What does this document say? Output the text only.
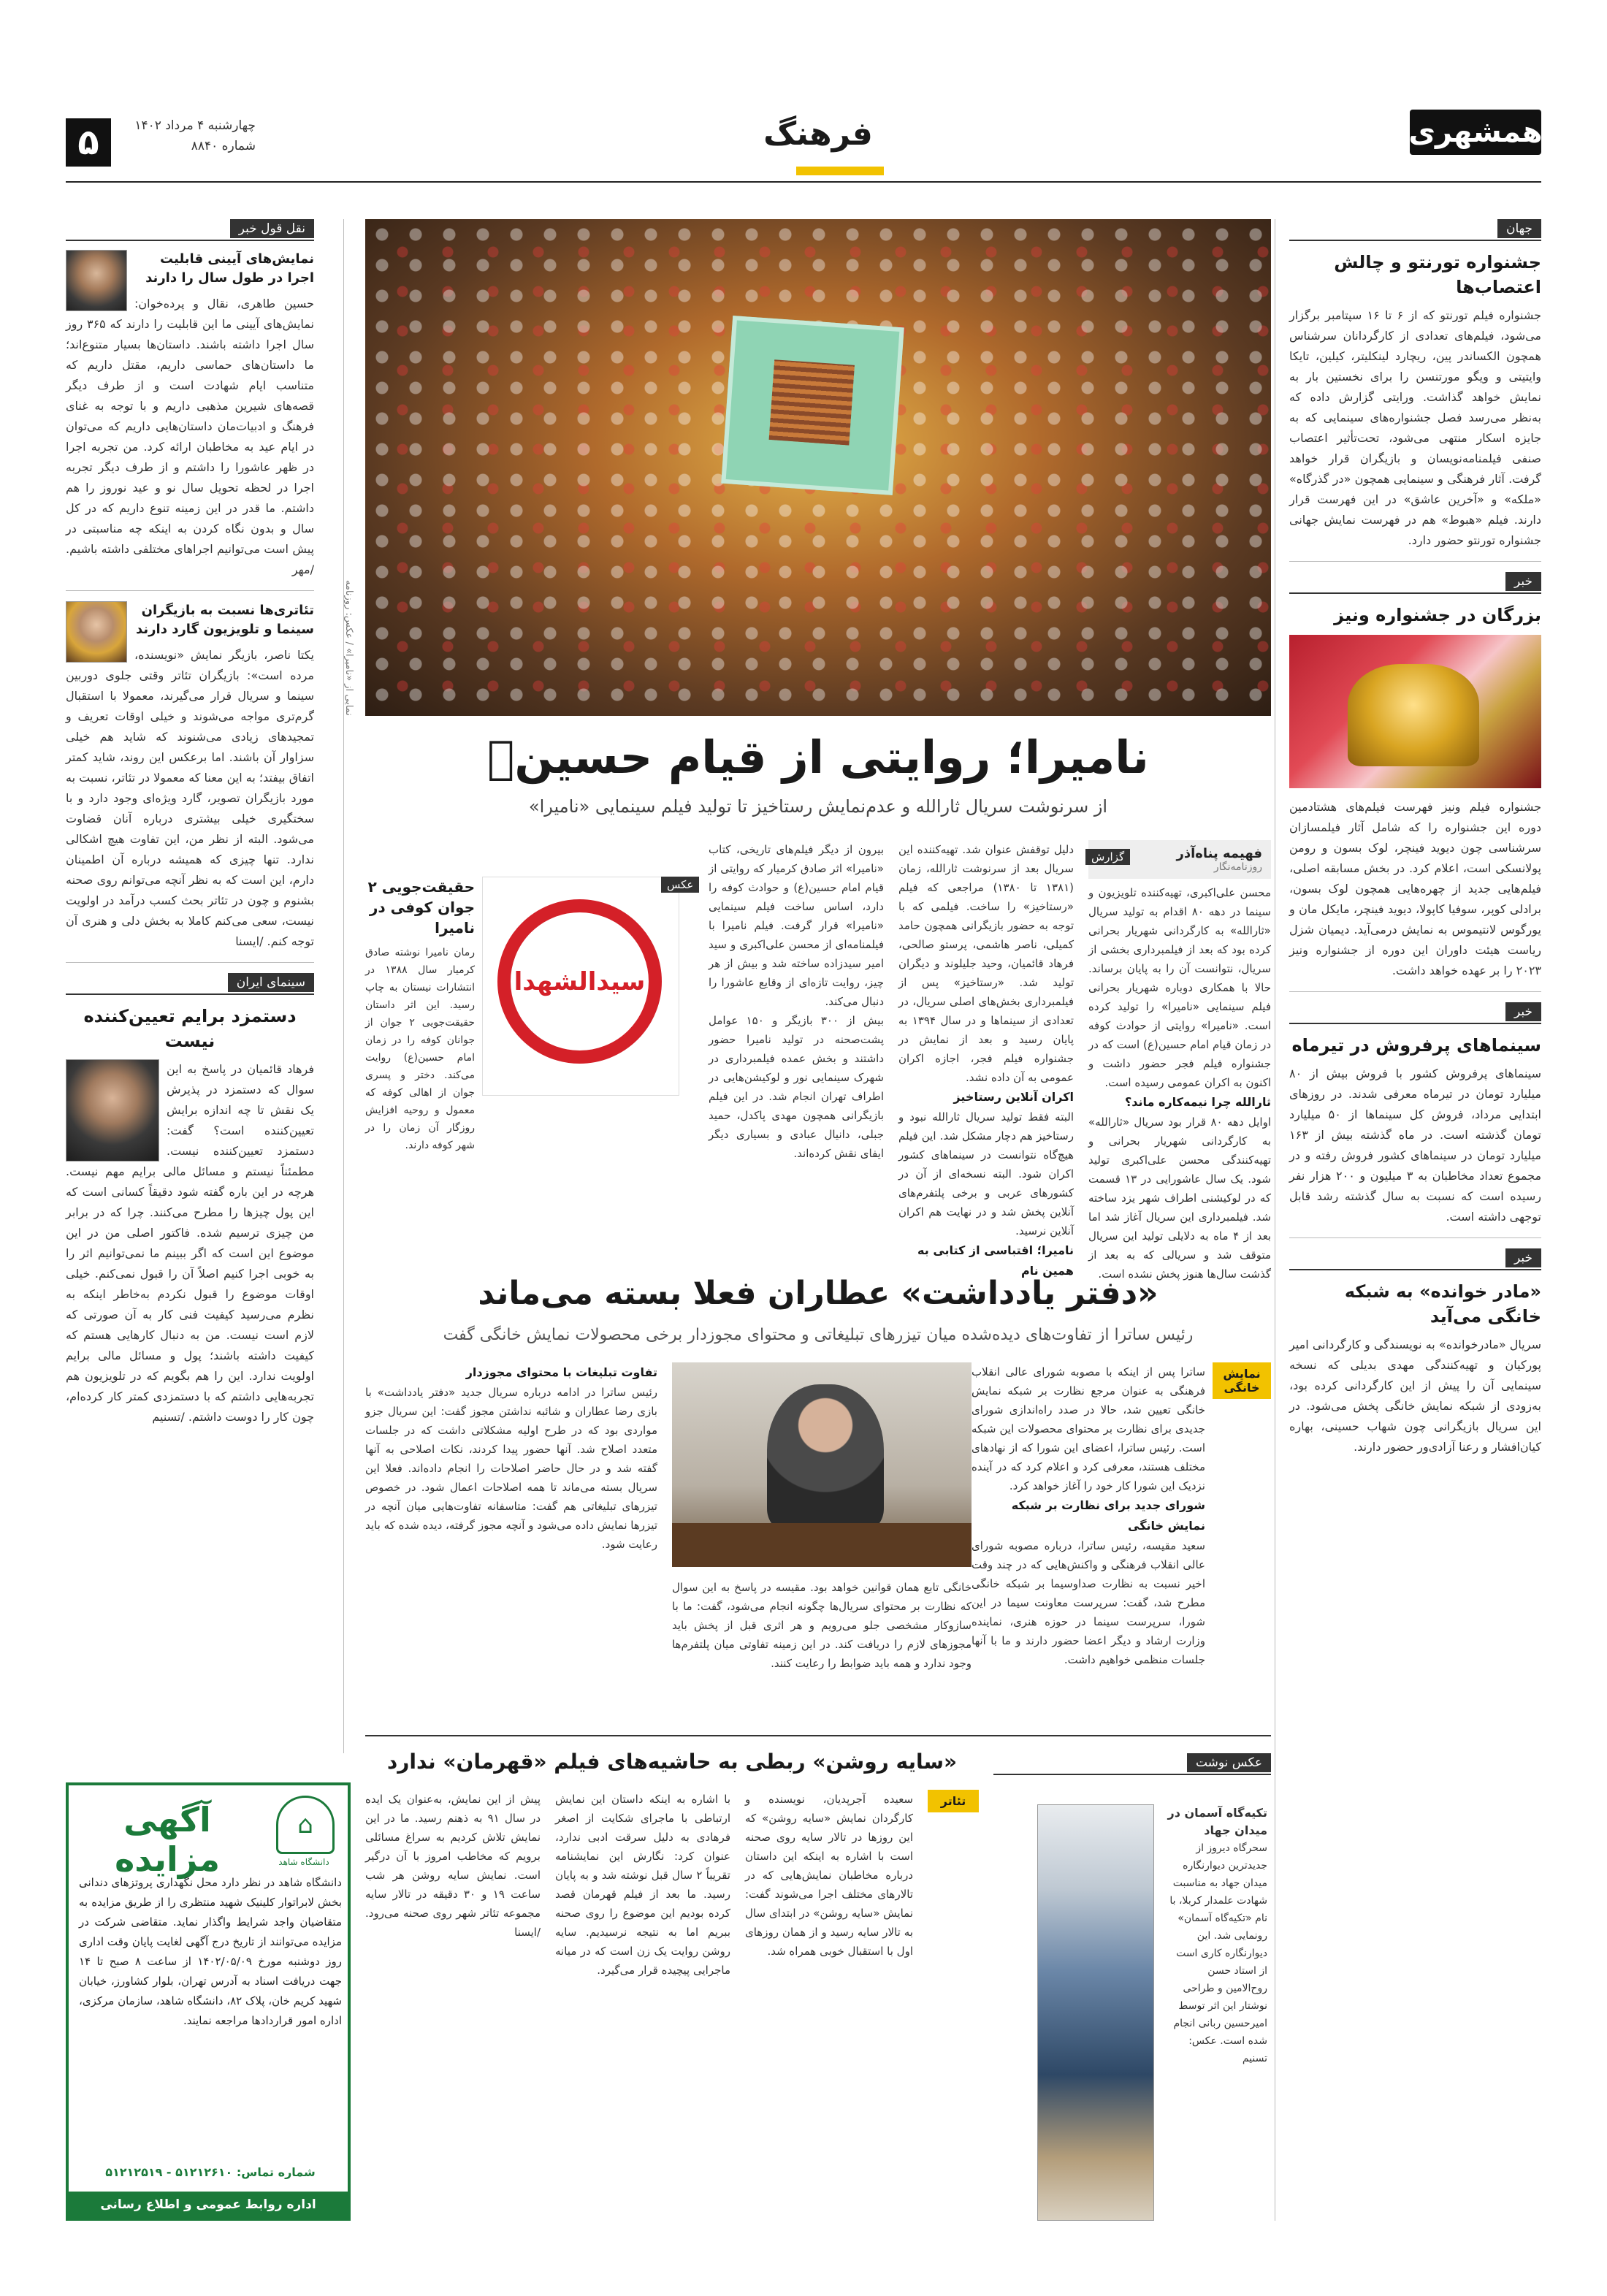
۵	چهارشنبه ۴ مرداد ۱۴۰۲
شماره ۸۸۴۰	فرهنگ	همشهری
جهان
جشنواره تورنتو و چالش اعتصاب‌ها
جشنواره فیلم تورنتو که از ۶ تا ۱۶ سپتامبر برگزار می‌شود، فیلم‌های تعدادی از کارگردانان سرشناس همچون الکساندر پین، ریچارد لینکلیتر، کیلین، تایکا وایتیتی و ویگو مورتنسن را برای نخستین بار به نمایش خواهد گذاشت. ورایتی گزارش داده که به‌نظر می‌رسد فصل جشنواره‌های سینمایی که به جایزه اسکار منتهی می‌شود، تحت‌تأثیر اعتصاب صنفی فیلمنامه‌نویسان و بازیگران قرار خواهد گرفت. آثار فرهنگی و سینمایی همچون «در گذرگاه» «ملکه» و «آخرین عاشق» در این فهرست قرار دارند. فیلم «هبوط» هم در فهرست نمایش جهانی جشنواره تورنتو حضور دارد.
خبر
بزرگان در جشنواره ونیز
جشنواره فیلم ونیز فهرست فیلم‌های هشتادمین دوره این جشنواره را که شامل آثار فیلمسازان سرشناسی چون دیوید فینچر، لوک بسون و رومن پولانسکی است، اعلام کرد. در بخش مسابقه اصلی، فیلم‌هایی جدید از چهره‌هایی همچون لوک بسون، برادلی کوپر، سوفیا کاپولا، دیوید فینچر، مایکل مان و یورگوس لانتیموس به نمایش درمی‌آید. دیمیان شزل ریاست هیئت داوران این دوره از جشنواره ونیز ۲۰۲۳ را بر عهده خواهد داشت.
خبر
سینماهای پرفروش در تیرماه
سینماهای پرفروش کشور با فروش بیش از ۸۰ میلیارد تومان در تیرماه معرفی شدند. در روزهای ابتدایی مرداد، فروش کل سینماها از ۵۰ میلیارد تومان گذشته است. در ماه گذشته بیش از ۱۶۳ میلیارد تومان در سینماهای کشور فروش رفته و در مجموع تعداد مخاطبان به ۳ میلیون و ۲۰۰ هزار نفر رسیده است که نسبت به سال گذشته رشد قابل توجهی داشته است.
خبر
«مادر خوانده» به شبکه خانگی می‌آید
سریال «مادرخوانده» به نویسندگی و کارگردانی امیر پورکیان و تهیه‌کنندگی مهدی بدیلی که نسخه سینمایی آن را پیش از این کارگردانی کرده بود، به‌زودی از شبکه نمایش خانگی پخش می‌شود. در این سریال بازیگرانی چون شهاب حسینی، بهاره کیان‌افشار و رعنا آزادی‌ور حضور دارند.
نقل قول خبر
نمایش‌های آیینی قابلیت اجرا در طول سال را دارند
حسین طاهری، نقال و پرده‌خوان: نمایش‌های آیینی ما این قابلیت را دارند که ۳۶۵ روز سال اجرا داشته باشند. داستان‌ها بسیار متنوع‌اند؛ ما داستان‌های حماسی داریم، مقتل داریم که متناسب ایام شهادت است و از طرف دیگر قصه‌های شیرین مذهبی داریم و با توجه به غنای فرهنگ و ادبیات‌مان داستان‌هایی داریم که می‌توان در ایام عید به مخاطبان ارائه کرد. من تجربه اجرا در ظهر عاشورا را داشتم و از طرف دیگر تجربه اجرا در لحظه تحویل سال نو و عید نوروز را هم داشتم. ما قدر در این زمینه تنوع داریم که در کل سال و بدون نگاه کردن به اینکه چه مناسبتی در پیش است می‌توانیم اجراهای مختلفی داشته باشیم. /مهر
تئاتری‌ها نسبت به بازیگران سینما و تلویزیون گارد دارند
یکتا ناصر، بازیگر نمایش «نویسنده، مرده است»: بازیگران تئاتر وقتی جلوی دوربین سینما و سریال قرار می‌گیرند، معمولا با استقبال گرم‌تری مواجه می‌شوند و خیلی اوقات تعریف و تمجیدهای زیادی می‌شنوند که شاید هم خیلی سزاوار آن باشند. اما برعکس این روند، شاید کمتر اتفاق بیفتد؛ به این معنا که معمولا در تئاتر، نسبت به مورد بازیگران تصویر، گارد ویژه‌ای وجود دارد و با سختگیری خیلی بیشتری درباره آنان قضاوت می‌شود. البته از نظر من، این تفاوت هیچ اشکالی ندارد. تنها چیزی که همیشه درباره آن اطمینان دارم، این است که به نظر آنچه می‌توانم روی صحنه بشنوم و چون در تئاتر بحث کسب درآمد در اولویت نیست، سعی می‌کنم کاملا به بخش دلی و هنری آن توجه کنم. /ایسنا
سینمای ایران
دستمزد برایم تعیین‌کننده نیست
فرهاد قائمیان در پاسخ به این سوال که دستمزد در پذیرش یک نقش تا چه اندازه برایش تعیین‌کننده است؟ گفت: دستمزد تعیین‌کننده نیست. مطمئناً نیستم و مسائل مالی برایم مهم نیست. هرچه در این باره گفته شود دقیقاً کسانی است که این پول چیزها را مطرح می‌کنند. چرا که در برابر من چیزی ترسیم شده. فاکتور اصلی من در این موضوع این است که اگر ببینم ما نمی‌توانیم اثر را به خوبی اجرا کنیم اصلاً آن را قبول نمی‌کنم. خیلی اوقات موضوع را قبول نکردم به‌خاطر اینکه به نظرم می‌رسید کیفیت فنی کار به آن صورتی که لازم است نیست. من به دنبال کارهایی هستم که کیفیت داشته باشند؛ پول و مسائل مالی برایم اولویت ندارد. این را هم بگویم که در تلویزیون هم تجربه‌هایی داشتم که با دستمزدی کمتر کار کرده‌ام، چون کار را دوست داشتم. /تسنیم
نمایی از «نامیرا» / عکس: روزنامه
نامیرا؛ روایتی از قیام حسینؑ
از سرنوشت سریال ثارالله و عدم‌نمایش رستاخیز تا تولید فیلم سینمایی «نامیرا»
گزارش	فهیمه پناه‌آذر
روزنامه‌نگار
محسن علی‌اکبری، تهیه‌کننده تلویزیون و سینما در دهه ۸۰ اقدام به تولید سریال «ثارالله» به کارگردانی شهریار بحرانی کرده بود که بعد از فیلمبرداری بخشی از سریال، نتوانست آن را به پایان برساند. حالا با همکاری دوباره شهریار بحرانی فیلم سینمایی «نامیرا» را تولید کرده است. «نامیرا» روایتی از حوادث کوفه در زمان قیام امام حسین(ع) است که در جشنواره فیلم فجر حضور داشت و اکنون به اکران عمومی رسیده است.
ثارالله چرا نیمه‌کاره ماند؟
اوایل دهه ۸۰ قرار بود سریال «ثارالله» به کارگردانی شهریار بحرانی و تهیه‌کنندگی محسن علی‌اکبری تولید شود. یک سال عاشورایی در ۱۳ قسمت که در لوکیشنی اطراف شهر یزد ساخته شد. فیلمبرداری این سریال آغاز شد اما بعد از ۴ ماه به دلایلی تولید این سریال متوقف شد و سریالی که به بعد از گذشت سال‌ها هنوز پخش نشده است.
دلیل توقفش عنوان شد. تهیه‌کننده این سریال بعد از سرنوشت ثارالله، زمان (۱۳۸۱ تا ۱۳۸۰) مراجعی که فیلم «رستاخیز» را ساخت. فیلمی که با توجه به حضور بازیگرانی همچون حامد کمیلی، ناصر هاشمی، پرستو صالحی، فرهاد قائمیان، وحید جلیلوند و دیگران تولید شد. «رستاخیز» پس از فیلمبرداری بخش‌های اصلی سریال، در تعدادی از سینماها و در سال ۱۳۹۴ به پایان رسید و بعد از نمایش در جشنواره فیلم فجر، اجازه اکران عمومی به آن داده نشد.
اکران آنلاین رستاخیز
البته فقط تولید سریال ثارالله نبود و رستاخیز هم دچار مشکل شد. این فیلم هیچ‌گاه نتوانست در سینماهای کشور اکران شود. البته نسخه‌ای از آن در کشورهای عربی و برخی پلتفرم‌های آنلاین پخش شد و در نهایت هم اکران آنلاین نرسید.
نامیرا؛ اقتباسی از کتابی به همین نام
بیرون از دیگر فیلم‌های تاریخی، کتاب «نامیرا» اثر صادق کرمیار که روایتی از قیام امام حسین(ع) و حوادث کوفه را دارد، اساس ساخت فیلم سینمایی «نامیرا» قرار گرفت. فیلم نامیرا با فیلمنامه‌ای از محسن علی‌اکبری و سید امیر سیدزاده ساخته شد و بیش از هر چیز، روایت تازه‌ای از وقایع عاشورا را دنبال می‌کند.
بیش از ۳۰۰ بازیگر و ۱۵۰ عوامل پشت‌صحنه در تولید نامیرا حضور داشتند و بخش عمده فیلمبرداری در شهرک سینمایی نور و لوکیشن‌هایی در اطراف تهران انجام شد. در این فیلم بازیگرانی همچون مهدی پاکدل، حمید جبلی، دانیال عبادی و بسیاری دیگر ایفای نقش کرده‌اند.
سیدالشهدا
عکس
حقیقت‌جویی ۲ جوان کوفی در نامیرا
رمان نامیرا نوشته صادق کرمیار سال ۱۳۸۸ در انتشارات نیستان به چاپ رسید. این اثر داستان حقیقت‌جویی ۲ جوان از جوانان کوفه را در زمان امام حسین(ع) روایت می‌کند. دختر و پسری جوان از اهالی کوفه که معمول و روحیه افزایش روزگار آن زمان را در شهر کوفه دارند.
«دفتر یادداشت» عطاران فعلا بسته می‌ماند
رئیس ساترا از تفاوت‌های دیده‌شده میان تیزرهای تبلیغاتی و محتوای مجوزدار برخی محصولات نمایش خانگی گفت
ساترا پس از اینکه با مصوبه شورای عالی انقلاب فرهنگی به عنوان مرجع نظارت بر شبکه نمایش خانگی تعیین شد، حالا در صدد راه‌اندازی شورای جدیدی برای نظارت بر محتوای محصولات این شبکه است. رئیس ساترا، اعضای این شورا که از نهادهای مختلف هستند، معرفی کرد و اعلام کرد که در آینده نزدیک این شورا کار خود را آغاز خواهد کرد.
شورای جدید برای نظارت بر شبکه نمایش خانگی
سعید مقیسه، رئیس ساترا، درباره مصوبه شورای عالی انقلاب فرهنگی و واکنش‌هایی که در چند وقت اخیر نسبت به نظارت صداوسیما بر شبکه خانگی مطرح شد، گفت: سرپرست معاونت سیما در این شورا، سرپرست سینما در حوزه هنری، نماینده وزارت ارشاد و دیگر اعضا حضور دارند و ما با آنها جلسات منظمی خواهیم داشت.
خانگی تابع همان قوانین خواهد بود. مقیسه در پاسخ به این سوال که نظارت بر محتوای سریال‌ها چگونه انجام می‌شود، گفت: ما با سازوکار مشخصی جلو می‌رویم و هر اثری قبل از پخش باید مجوزهای لازم را دریافت کند. در این زمینه تفاوتی میان پلتفرم‌ها وجود ندارد و همه باید ضوابط را رعایت کنند.
تفاوت تبلیغات با محتوای مجوزدار
رئیس ساترا در ادامه درباره سریال جدید «دفتر یادداشت» با بازی رضا عطاران و شائبه نداشتن مجوز گفت: این سریال جزو مواردی بود که در طرح اولیه مشکلاتی داشت که در جلسات متعدد اصلاح شد. آنها حضور پیدا کردند، نکات اصلاحی به آنها گفته شد و در حال حاضر اصلاحات را انجام داده‌اند. فعلا این سریال بسته می‌ماند تا همه اصلاحات اعمال شود. در خصوص تیزرهای تبلیغاتی هم گفت: متاسفانه تفاوت‌هایی میان آنچه در تیزرها نمایش داده می‌شود و آنچه مجوز گرفته، دیده شده که باید رعایت شود.
نمایش خانگی
«سایه روشن» ربطی به حاشیه‌های فیلم «قهرمان» ندارد
تئاتر
سعیده آجرپدیان، نویسنده و کارگردان نمایش «سایه روشن» که این روزها در تالار سایه روی صحنه است با اشاره به اینکه این داستان درباره مخاطبان نمایش‌هایی که در تالارهای مختلف اجرا می‌شوند گفت: نمایش «سایه روشن» در ابتدای سال به تالار سایه رسید و از همان روزهای اول با استقبال خوبی همراه شد.
با اشاره به اینکه داستان این نمایش ارتباطی با ماجرای شکایت از اصغر فرهادی به دلیل سرقت ادبی ندارد، عنوان کرد: نگارش این نمایشنامه تقریباً ۲ سال قبل نوشته شد و به پایان رسید. ما بعد از فیلم قهرمان قصد کرده بودیم این موضوع را روی صحنه ببریم اما به نتیجه نرسیدیم. سایه روشن روایت یک زن است که در میانه ماجرایی پیچیده قرار می‌گیرد.
پیش از این نمایش، به‌عنوان یک ایده در سال ۹۱ به ذهنم رسید. ما در این نمایش تلاش کردیم به سراغ مسائلی برویم که مخاطب امروز با آن درگیر است. نمایش سایه روشن هر شب ساعت ۱۹ و ۳۰ دقیقه در تالار سایه مجموعه تئاتر شهر روی صحنه می‌رود. /ایسنا
عکس نوشت
تکیه‌گاه آسمان در میدان جهاد
سحرگاه دیروز از جدیدترین دیوارنگاره میدان جهاد به مناسبت شهادت علمدار کربلا، با نام «تکیه‌گاه آسمان» رونمایی شد. این دیوارنگاره کاری است از استاد حسن روح‌الامین و طراحی نوشتار این اثر توسط امیرحسین ربانی انجام شده است. عکس: تسنیم
⌂
دانشگاه شاهد
آگهی مزایده
دانشگاه شاهد در نظر دارد محل نگهداری پروتزهای دندانی بخش لابراتوار کلینیک شهید منتظری را از طریق مزایده به متقاضیان واجد شرایط واگذار نماید. متقاضی شرکت در مزایده می‌توانند از تاریخ درج آگهی لغایت پایان وقت اداری روز دوشنبه مورخ ۱۴۰۲/۰۵/۰۹ از ساعت ۸ صبح تا ۱۴ جهت دریافت اسناد به آدرس تهران، بلوار کشاورز، خیابان شهید کریم خان، پلاک ۸۲، دانشگاه شاهد، سازمان مرکزی، اداره امور قراردادها مراجعه نمایند.
شماره تماس: ۵۱۲۱۲۶۱۰ - ۵۱۲۱۲۵۱۹
اداره روابط عمومی و اطلاع رسانی
